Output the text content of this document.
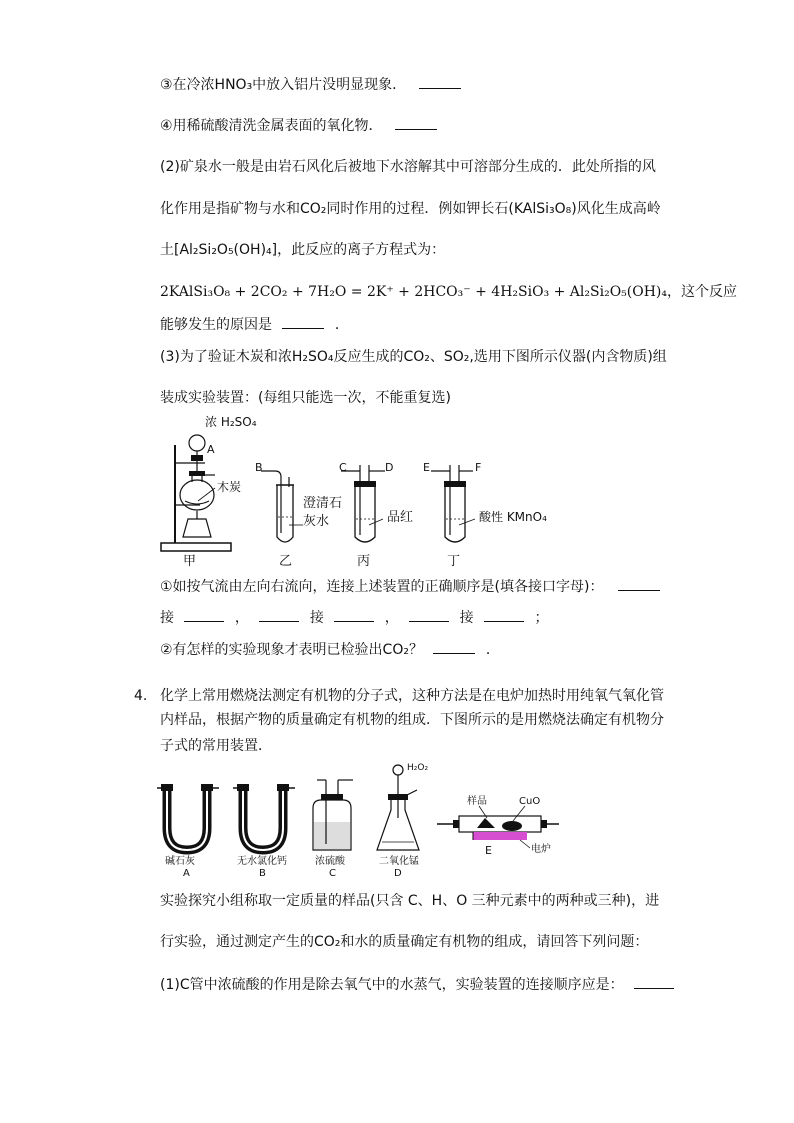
③在冷浓HNO₃中放入铝片没明显现象．
④用稀硫酸清洗金属表面的氧化物．
(2)矿泉水一般是由岩石风化后被地下水溶解其中可溶部分生成的．此处所指的风
化作用是指矿物与水和CO₂同时作用的过程．例如钾长石(KAlSi₃O₈)风化生成高岭
土[Al₂Si₂O₅(OH)₄]，此反应的离子方程式为：
2KAlSi₃O₈ + 2CO₂ + 7H₂O = 2K⁺ + 2HCO₃⁻ + 4H₂SiO₃ + Al₂Si₂O₅(OH)₄，这个反应
能够发生的原因是	．
(3)为了验证木炭和浓H₂SO₄反应生成的CO₂、SO₂,选用下图所示仪器(内含物质)组
装成实验装置：(每组只能选一次，不能重复选)
浓 H₂SO₄
A
木炭
甲
B
澄清石
灰水
乙
C	D
品红
丙
E	F
酸性 KMnO₄
丁
①如按气流由左向右流向，连接上述装置的正确顺序是(填各接口字母)：
接	，	接	，	接	；
②有怎样的实验现象才表明已检验出CO₂？	．
4. 化学上常用燃烧法测定有机物的分子式，这种方法是在电炉加热时用纯氧气氧化管
内样品，根据产物的质量确定有机物的组成．下图所示的是用燃烧法确定有机物分
子式的常用装置．
碱石灰
A
无水氯化钙
B
浓硫酸
C
H₂O₂
二氧化锰
D
样品	CuO
E	电炉
实验探究小组称取一定质量的样品(只含 C、H、O 三种元素中的两种或三种)，进
行实验，通过测定产生的CO₂和水的质量确定有机物的组成，请回答下列问题：
(1)C管中浓硫酸的作用是除去氧气中的水蒸气，实验装置的连接顺序应是：
